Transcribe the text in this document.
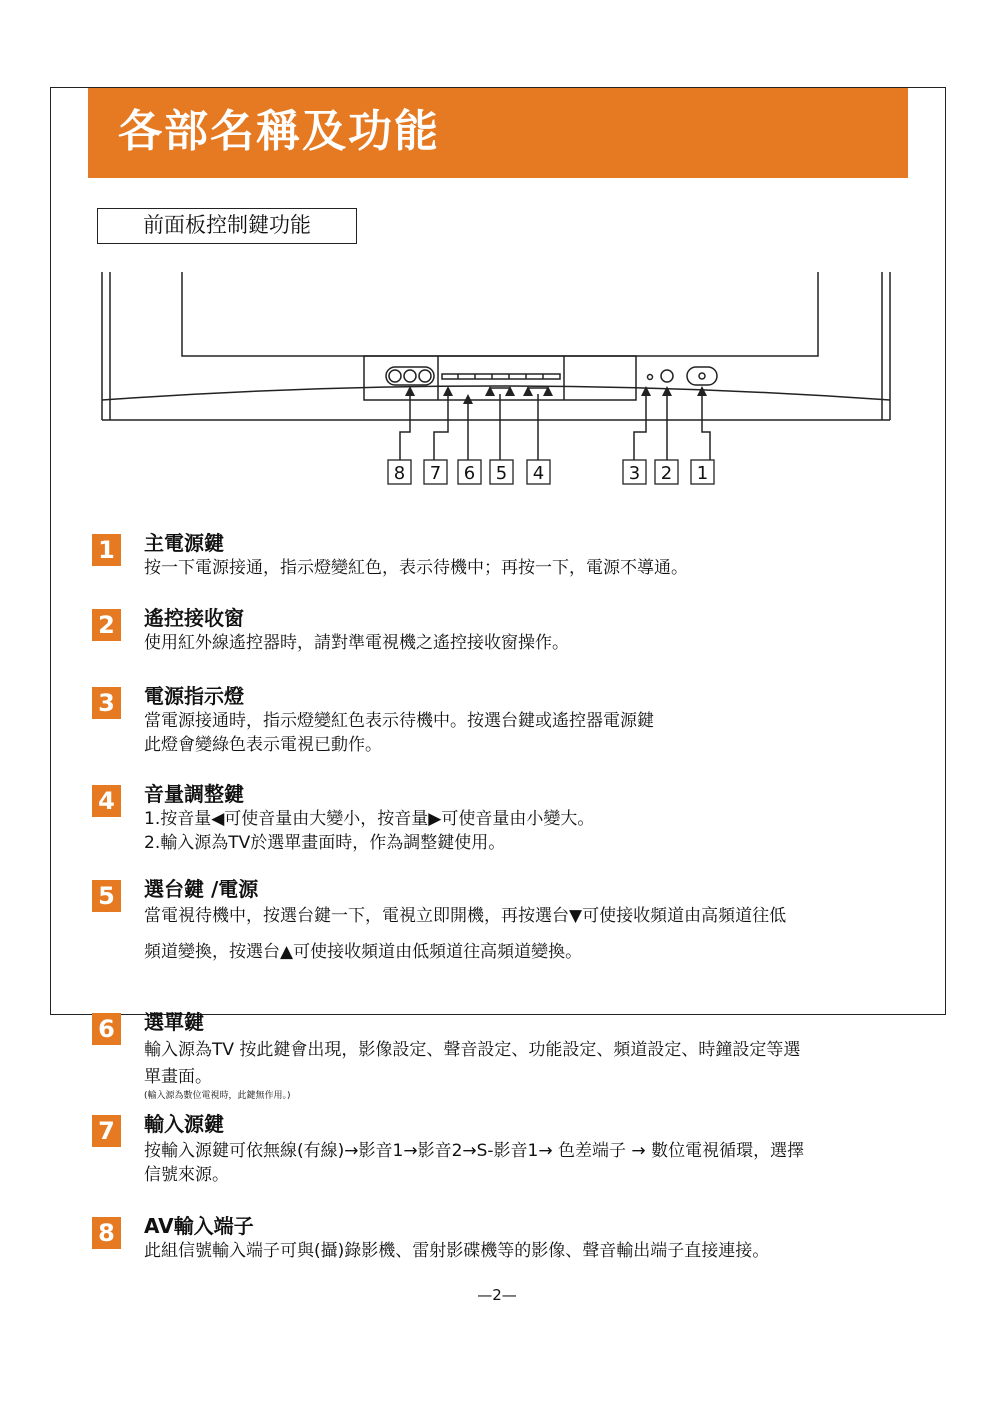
各部名稱及功能
前面板控制鍵功能
8 7 6 5 4	3 2 1
1	主電源鍵
按一下電源接通，指示燈變紅色，表示待機中；再按一下，電源不導通。
2	遙控接收窗
使用紅外線遙控器時，請對準電視機之遙控接收窗操作。
3	電源指示燈
當電源接通時，指示燈變紅色表示待機中。按選台鍵或遙控器電源鍵
此燈會變綠色表示電視已動作。
4	音量調整鍵
1.按音量◀可使音量由大變小，按音量▶可使音量由小變大。
2.輸入源為TV於選單畫面時，作為調整鍵使用。
5	選台鍵 /電源
當電視待機中，按選台鍵一下，電視立即開機，再按選台▼可使接收頻道由高頻道往低
頻道變換，按選台▲可使接收頻道由低頻道往高頻道變換。
6	選單鍵
輸入源為TV 按此鍵會出現，影像設定、聲音設定、功能設定、頻道設定、時鐘設定等選
單畫面。
(輸入源為數位電視時，此鍵無作用。)
7	輸入源鍵
按輸入源鍵可依無線(有線)→影音1→影音2→S-影音1→ 色差端子 → 數位電視循環，選擇
信號來源。
8	AV輸入端子
此組信號輸入端子可與(攝)錄影機、雷射影碟機等的影像、聲音輸出端子直接連接。
—2—
